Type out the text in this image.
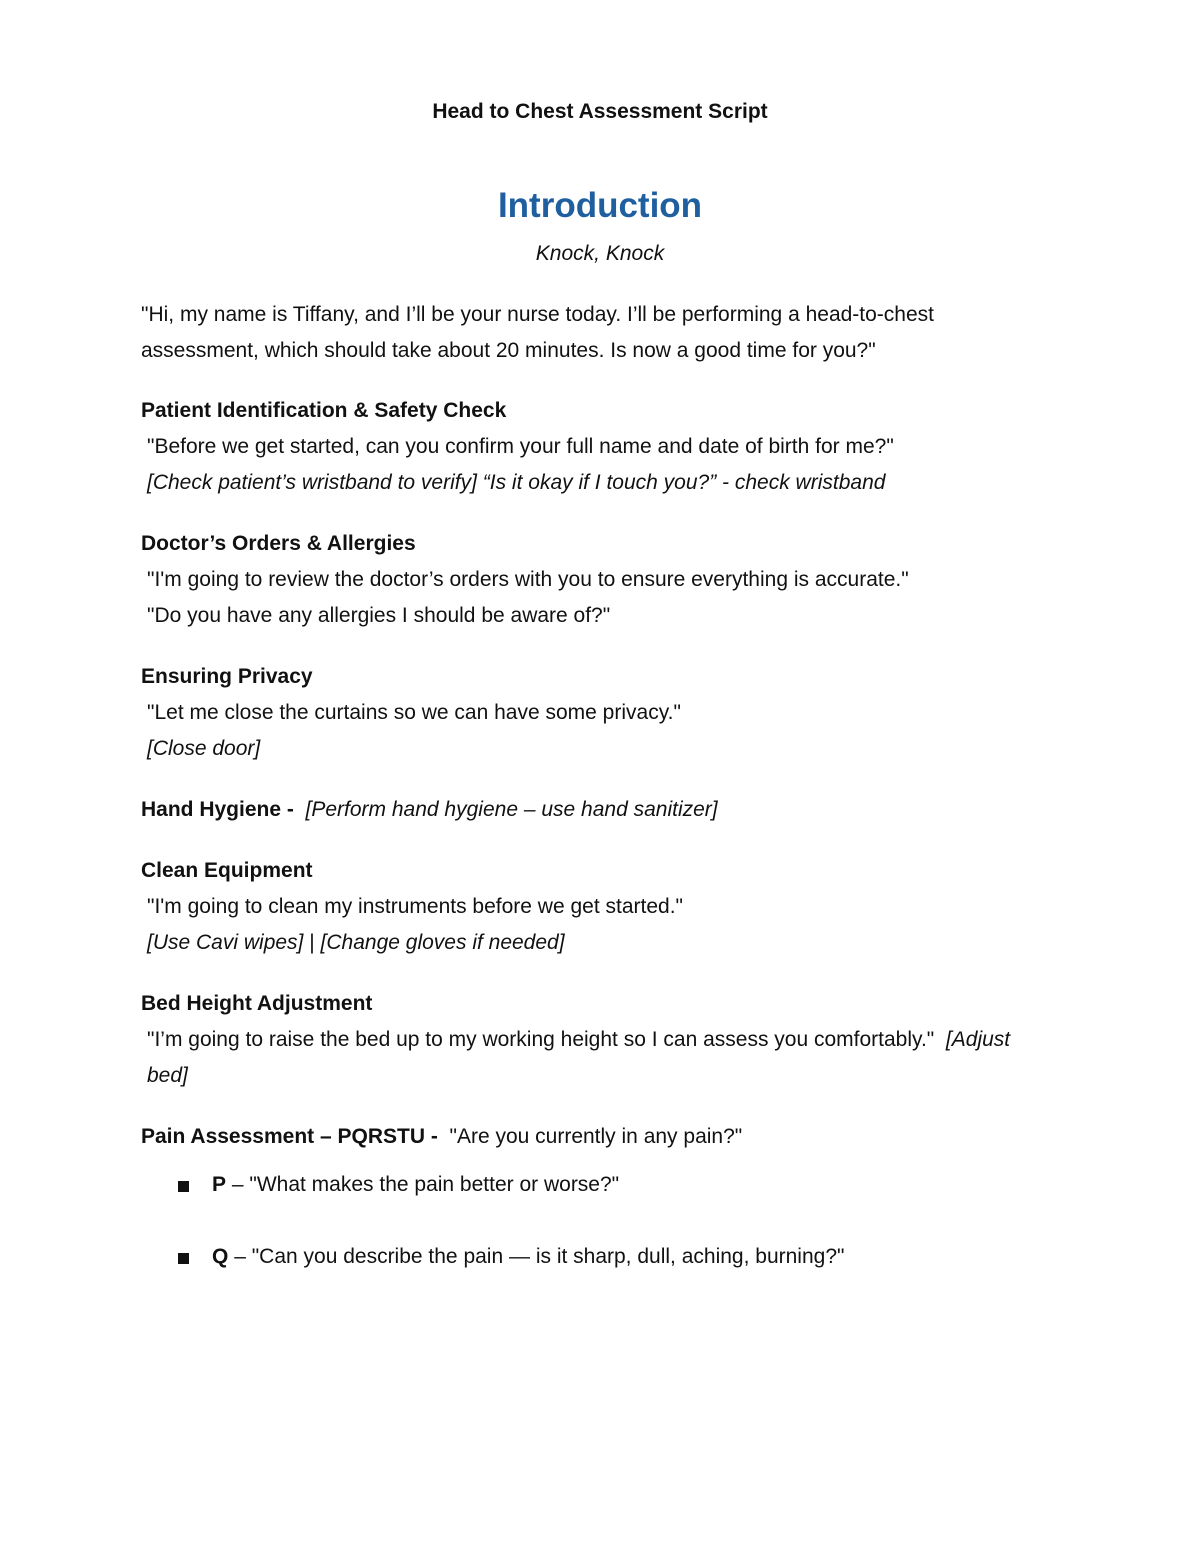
Head to Chest Assessment Script
Introduction
Knock, Knock

"Hi, my name is Tiffany, and I’ll be your nurse today. I’ll be performing a head-to-chest assessment, which should take about 20 minutes. Is now a good time for you?"

Patient Identification & Safety Check
"Before we get started, can you confirm your full name and date of birth for me?"
[Check patient’s wristband to verify] “Is it okay if I touch you?” - check wristband
Doctor’s Orders & Allergies
"I'm going to review the doctor’s orders with you to ensure everything is accurate."
"Do you have any allergies I should be aware of?"
Ensuring Privacy
"Let me close the curtains so we can have some privacy."
[Close door]
Hand Hygiene - [Perform hand hygiene – use hand sanitizer]
Clean Equipment
"I'm going to clean my instruments before we get started."
[Use Cavi wipes] | [Change gloves if needed]
Bed Height Adjustment
"I’m going to raise the bed up to my working height so I can assess you comfortably." [Adjust bed]
Pain Assessment – PQRSTU - "Are you currently in any pain?"
P – "What makes the pain better or worse?"
Q – "Can you describe the pain — is it sharp, dull, aching, burning?"
